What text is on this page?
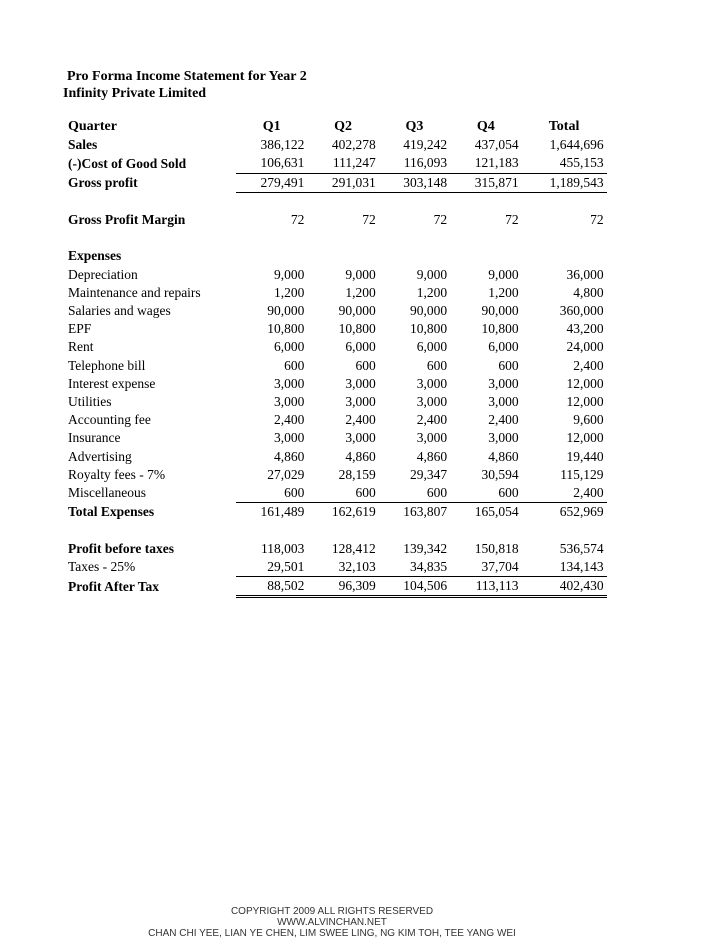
Pro Forma Income Statement for Year 2
Infinity Private Limited
Quarter	Q1	Q2	Q3	Q4	Total
Sales	386,122	402,278	419,242	437,054	1,644,696
(-)Cost of Good Sold	106,631	111,247	116,093	121,183	455,153
Gross profit	279,491	291,031	303,148	315,871	1,189,543

Gross Profit Margin	72	72	72	72	72

Expenses					
Depreciation	9,000	9,000	9,000	9,000	36,000
Maintenance and repairs	1,200	1,200	1,200	1,200	4,800
Salaries and wages	90,000	90,000	90,000	90,000	360,000
EPF	10,800	10,800	10,800	10,800	43,200
Rent	6,000	6,000	6,000	6,000	24,000
Telephone bill	600	600	600	600	2,400
Interest expense	3,000	3,000	3,000	3,000	12,000
Utilities	3,000	3,000	3,000	3,000	12,000
Accounting fee	2,400	2,400	2,400	2,400	9,600
Insurance	3,000	3,000	3,000	3,000	12,000
Advertising	4,860	4,860	4,860	4,860	19,440
Royalty fees - 7%	27,029	28,159	29,347	30,594	115,129
Miscellaneous	600	600	600	600	2,400
Total Expenses	161,489	162,619	163,807	165,054	652,969

Profit before taxes	118,003	128,412	139,342	150,818	536,574
Taxes - 25%	29,501	32,103	34,835	37,704	134,143
Profit After Tax	88,502	96,309	104,506	113,113	402,430
COPYRIGHT 2009 ALL RIGHTS RESERVED
WWW.ALVINCHAN.NET
CHAN CHI YEE, LIAN YE CHEN, LIM SWEE LING, NG KIM TOH, TEE YANG WEI
